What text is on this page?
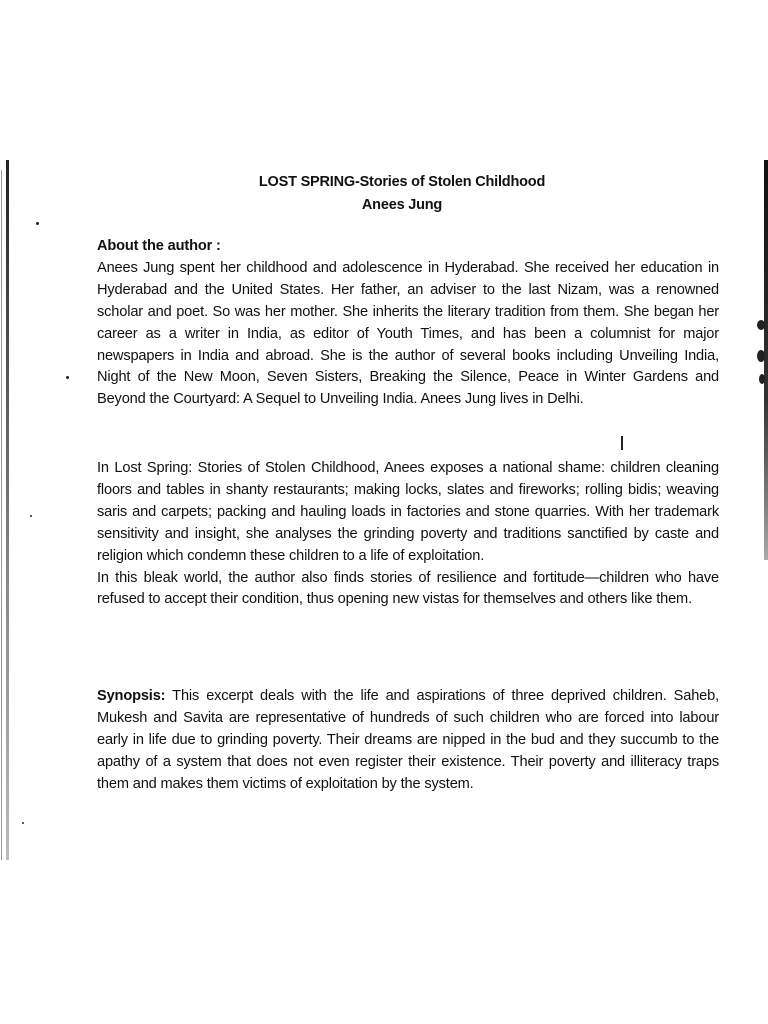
LOST SPRING-Stories of Stolen Childhood
Anees Jung
About the author :
Anees Jung spent her childhood and adolescence in Hyderabad. She received her education in Hyderabad and the United States. Her father, an adviser to the last Nizam, was a renowned scholar and poet. So was her mother. She inherits the literary tradition from them. She began her career as a writer in India, as editor of Youth Times, and has been a columnist for major newspapers in India and abroad. She is the author of several books including Unveiling India, Night of the New Moon, Seven Sisters, Breaking the Silence, Peace in Winter Gardens and Beyond the Courtyard: A Sequel to Unveiling India. Anees Jung lives in Delhi.
In Lost Spring: Stories of Stolen Childhood, Anees exposes a national shame: children cleaning floors and tables in shanty restaurants; making locks, slates and fireworks; rolling bidis; weaving saris and carpets; packing and hauling loads in factories and stone quarries. With her trademark sensitivity and insight, she analyses the grinding poverty and traditions sanctified by caste and religion which condemn these children to a life of exploitation.
In this bleak world, the author also finds stories of resilience and fortitude—children who have refused to accept their condition, thus opening new vistas for themselves and others like them.
Synopsis: This excerpt deals with the life and aspirations of three deprived children. Saheb, Mukesh and Savita are representative of hundreds of such children who are forced into labour early in life due to grinding poverty. Their dreams are nipped in the bud and they succumb to the apathy of a system that does not even register their existence. Their poverty and illiteracy traps them and makes them victims of exploitation by the system.
